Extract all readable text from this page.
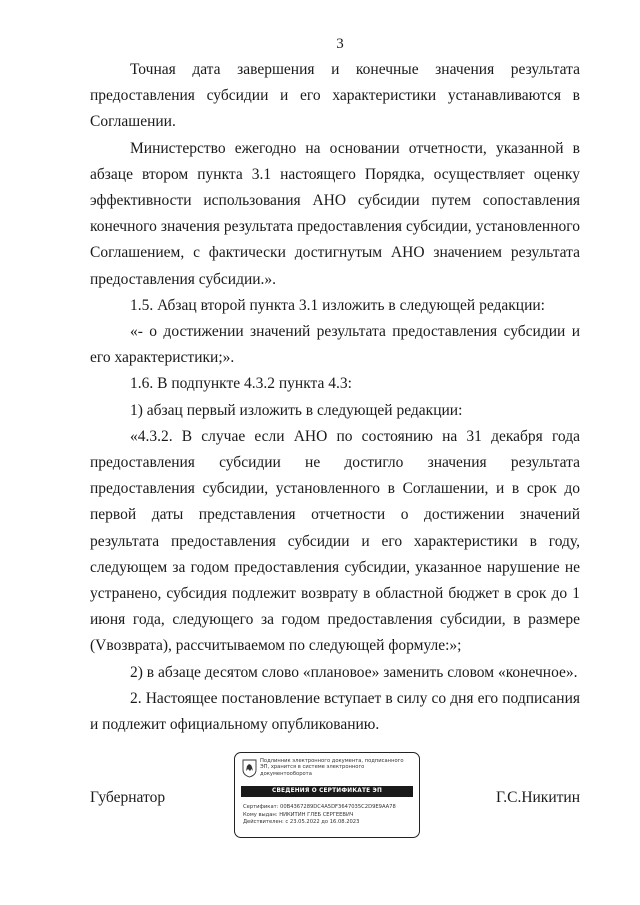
3

Точная дата завершения и конечные значения результата предоставления субсидии и его характеристики устанавливаются в Соглашении.

Министерство ежегодно на основании отчетности, указанной в абзаце втором пункта 3.1 настоящего Порядка, осуществляет оценку эффективности использования АНО субсидии путем сопоставления конечного значения результата предоставления субсидии, установленного Соглашением, с фактически достигнутым АНО значением результата предоставления субсидии.».

1.5. Абзац второй пункта 3.1 изложить в следующей редакции:

«- о достижении значений результата предоставления субсидии и его характеристики;».

1.6. В подпункте 4.3.2 пункта 4.3:

1) абзац первый изложить в следующей редакции:

«4.3.2. В случае если АНО по состоянию на 31 декабря года предоставления субсидии не достигло значения результата предоставления субсидии, установленного в Соглашении, и в срок до первой даты представления отчетности о достижении значений результата предоставления субсидии и его характеристики в году, следующем за годом предоставления субсидии, указанное нарушение не устранено, субсидия подлежит возврату в областной бюджет в срок до 1 июня года, следующего за годом предоставления субсидии, в размере (Vвозврата), рассчитываемом по следующей формуле:»;

2) в абзаце десятом слово «плановое» заменить словом «конечное».

2. Настоящее постановление вступает в силу со дня его подписания и подлежит официальному опубликованию.

Губернатор
Подлинник электронного документа, подписанного ЭП, хранится в системе электронного документооборота
СВЕДЕНИЯ О СЕРТИФИКАТЕ ЭП
Сертификат: 00B4367289DC4A5DF3647035C2D9E9AA78
Кому выдан: НИКИТИН ГЛЕБ СЕРГЕЕВИЧ
Действителен: с 23.05.2022 до 16.08.2023
Г.С.Никитин
